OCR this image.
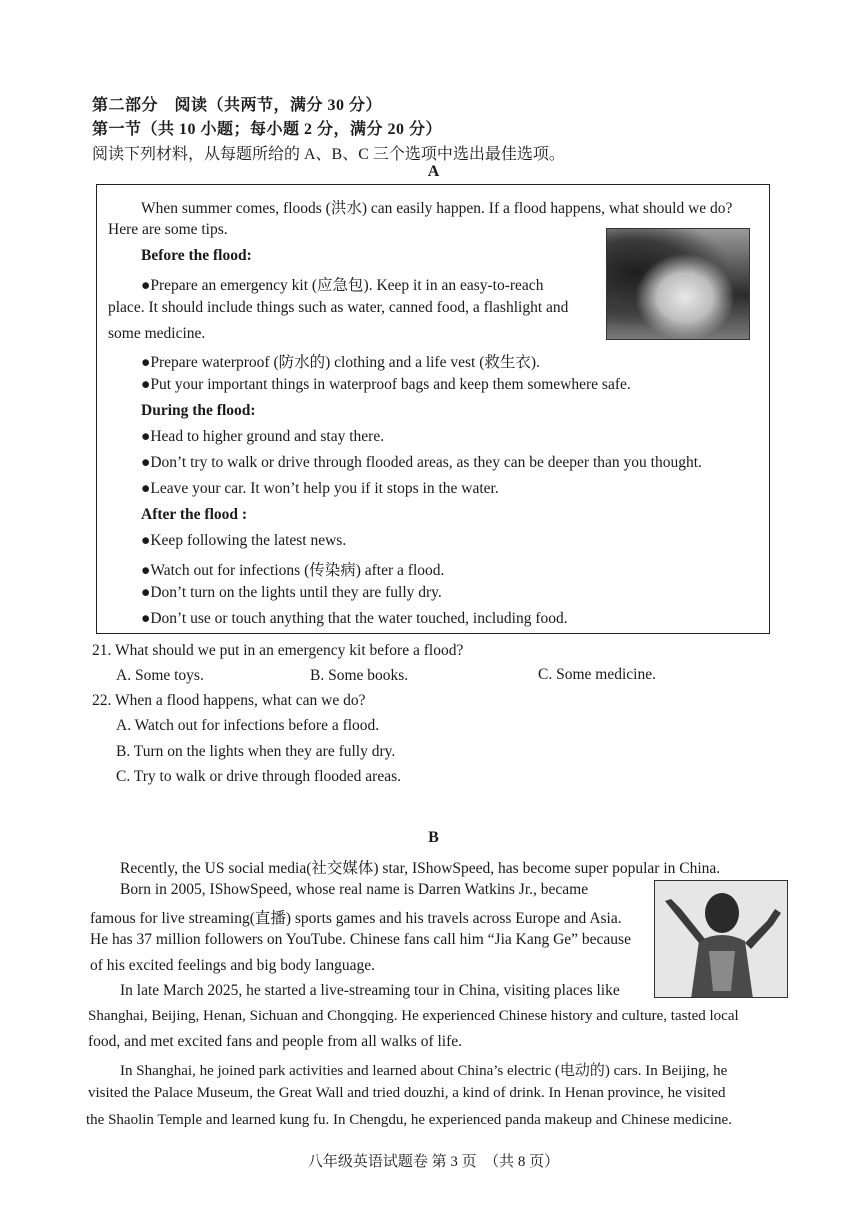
第二部分　阅读（共两节，满分 30 分）
第一节（共 10 小题；每小题 2 分，满分 20 分）
阅读下列材料，从每题所给的 A、B、C 三个选项中选出最佳选项。
A
When summer comes, floods (洪水) can easily happen. If a flood happens, what should we do?
Here are some tips.
Before the flood:
●Prepare an emergency kit (应急包). Keep it in an easy-to-reach
place. It should include things such as water, canned food, a flashlight and
some medicine.
●Prepare waterproof (防水的) clothing and a life vest (救生衣).
●Put your important things in waterproof bags and keep them somewhere safe.
During the flood:
●Head to higher ground and stay there.
●Don’t try to walk or drive through flooded areas, as they can be deeper than you thought.
●Leave your car. It won’t help you if it stops in the water.
After the flood :
●Keep following the latest news.
●Watch out for infections (传染病) after a flood.
●Don’t turn on the lights until they are fully dry.
●Don’t use or touch anything that the water touched, including food.
21. What should we put in an emergency kit before a flood?
A. Some toys.	B. Some books.	C. Some medicine.
22. When a flood happens, what can we do?
A. Watch out for infections before a flood.
B. Turn on the lights when they are fully dry.
C. Try to walk or drive through flooded areas.
B
Recently, the US social media(社交媒体) star, IShowSpeed, has become super popular in China.
Born in 2005, IShowSpeed, whose real name is Darren Watkins Jr., became
famous for live streaming(直播) sports games and his travels across Europe and Asia.
He has 37 million followers on YouTube. Chinese fans call him “Jia Kang Ge” because
of his excited feelings and big body language.
In late March 2025, he started a live-streaming tour in China, visiting places like
Shanghai, Beijing, Henan, Sichuan and Chongqing. He experienced Chinese history and culture, tasted local
food, and met excited fans and people from all walks of life.
In Shanghai, he joined park activities and learned about China’s electric (电动的) cars. In Beijing, he
visited the Palace Museum, the Great Wall and tried douzhi, a kind of drink. In Henan province, he visited
the Shaolin Temple and learned kung fu. In Chengdu, he experienced panda makeup and Chinese medicine.
八年级英语试题卷 第 3 页　（共 8 页）
